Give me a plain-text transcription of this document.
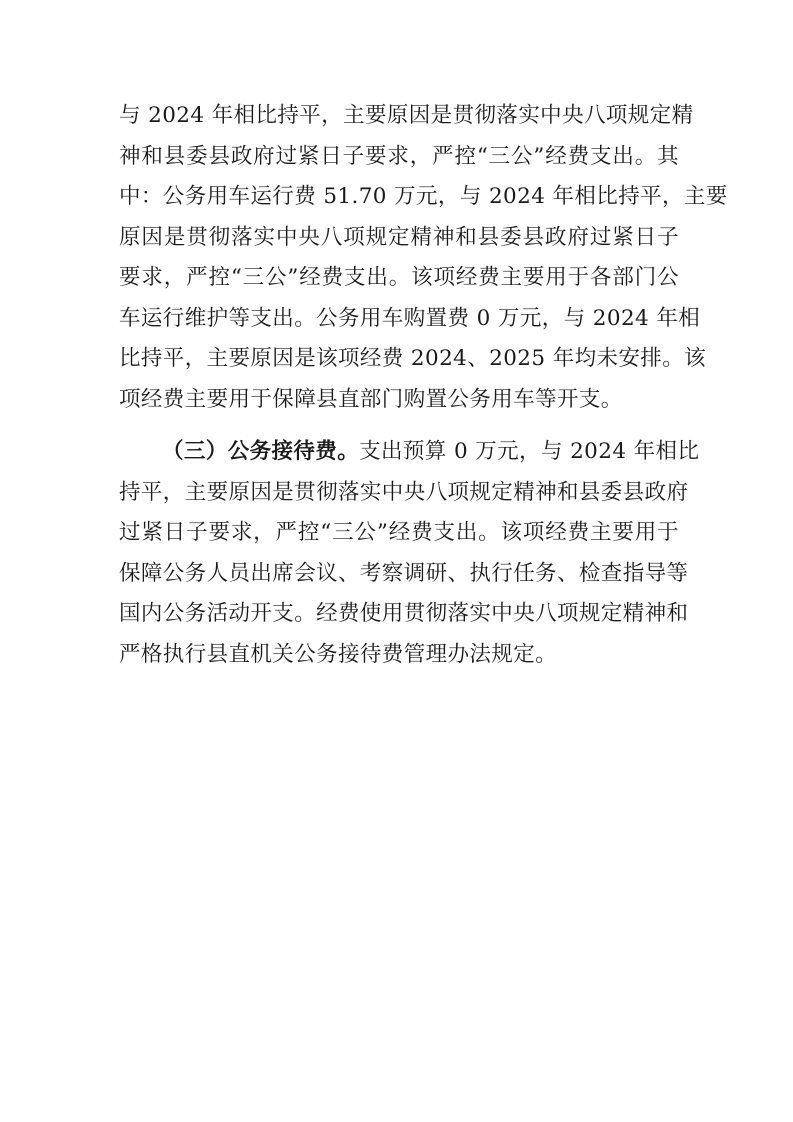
与 2024 年相比持平，主要原因是贯彻落实中央八项规定精
神和县委县政府过紧日子要求，严控“三公”经费支出。其
中：公务用车运行费 51.70 万元，与 2024 年相比持平，主要
原因是贯彻落实中央八项规定精神和县委县政府过紧日子
要求，严控“三公”经费支出。该项经费主要用于各部门公
车运行维护等支出。公务用车购置费 0 万元，与 2024 年相
比持平，主要原因是该项经费 2024、2025 年均未安排。该
项经费主要用于保障县直部门购置公务用车等开支。

（三）公务接待费。支出预算 0 万元，与 2024 年相比
持平，主要原因是贯彻落实中央八项规定精神和县委县政府
过紧日子要求，严控“三公”经费支出。该项经费主要用于
保障公务人员出席会议、考察调研、执行任务、检查指导等
国内公务活动开支。经费使用贯彻落实中央八项规定精神和
严格执行县直机关公务接待费管理办法规定。
